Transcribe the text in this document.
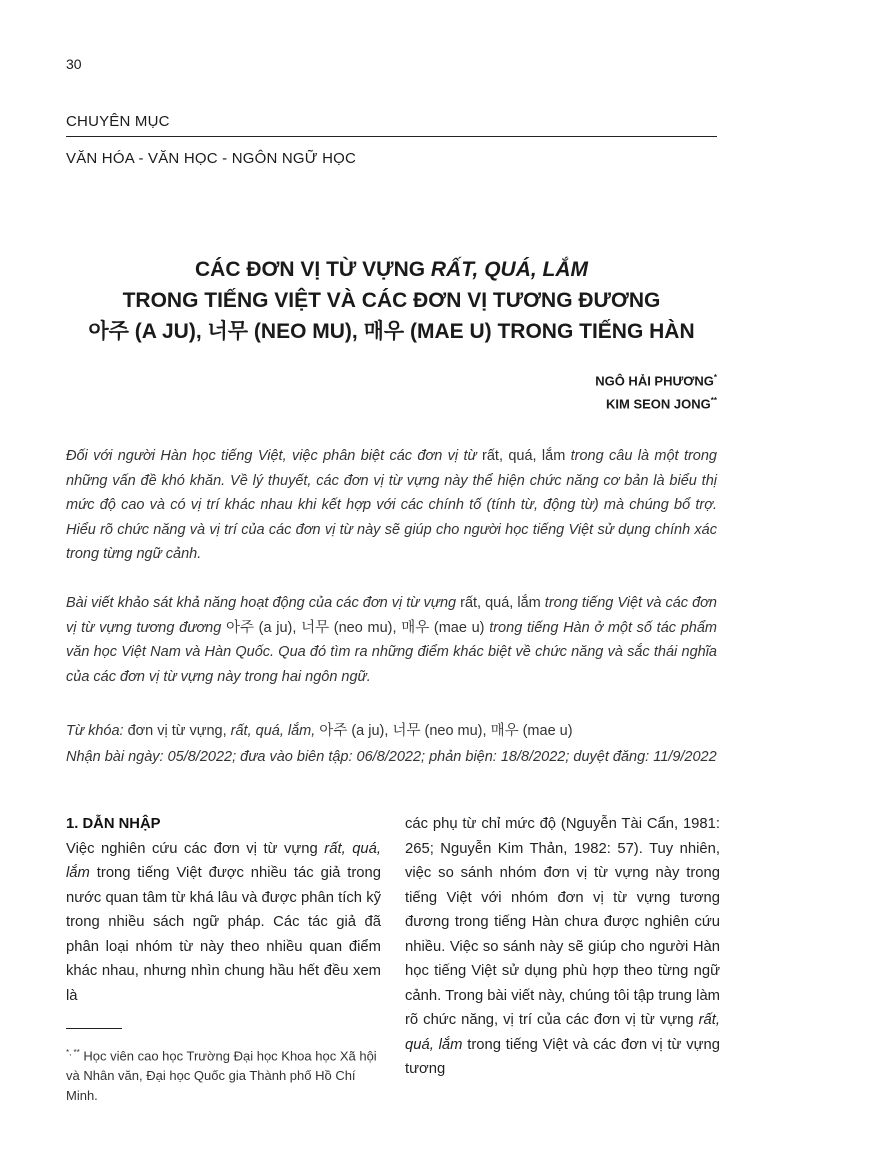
30
CHUYÊN MỤC
VĂN HÓA - VĂN HỌC - NGÔN NGỮ HỌC
CÁC ĐƠN VỊ TỪ VỰNG RẤT, QUÁ, LẮM
TRONG TIẾNG VIỆT VÀ CÁC ĐƠN VỊ TƯƠNG ĐƯƠNG
아주 (A JU), 너무 (NEO MU), 매우 (MAE U) TRONG TIẾNG HÀN
NGÔ HẢI PHƯƠNG*
KIM SEON JONG**
Đối với người Hàn học tiếng Việt, việc phân biệt các đơn vị từ rất, quá, lắm trong câu là một trong những vấn đề khó khăn. Về lý thuyết, các đơn vị từ vựng này thể hiện chức năng cơ bản là biểu thị mức độ cao và có vị trí khác nhau khi kết hợp với các chính tố (tính từ, động từ) mà chúng bổ trợ. Hiểu rõ chức năng và vị trí của các đơn vị từ này sẽ giúp cho người học tiếng Việt sử dụng chính xác trong từng ngữ cảnh.
Bài viết khảo sát khả năng hoạt động của các đơn vị từ vựng rất, quá, lắm trong tiếng Việt và các đơn vị từ vựng tương đương 아주 (a ju), 너무 (neo mu), 매우 (mae u) trong tiếng Hàn ở một số tác phẩm văn học Việt Nam và Hàn Quốc. Qua đó tìm ra những điểm khác biệt về chức năng và sắc thái nghĩa của các đơn vị từ vựng này trong hai ngôn ngữ.
Từ khóa: đơn vị từ vựng, rất, quá, lắm, 아주 (a ju), 너무 (neo mu), 매우 (mae u)
Nhận bài ngày: 05/8/2022; đưa vào biên tập: 06/8/2022; phản biện: 18/8/2022; duyệt đăng: 11/9/2022
1. DẪN NHẬP
Việc nghiên cứu các đơn vị từ vựng rất, quá, lắm trong tiếng Việt được nhiều tác giả trong nước quan tâm từ khá lâu và được phân tích kỹ trong nhiều sách ngữ pháp. Các tác giả đã phân loại nhóm từ này theo nhiều quan điểm khác nhau, nhưng nhìn chung hầu hết đều xem là
các phụ từ chỉ mức độ (Nguyễn Tài Cẩn, 1981: 265; Nguyễn Kim Thản, 1982: 57). Tuy nhiên, việc so sánh nhóm đơn vị từ vựng này trong tiếng Việt với nhóm đơn vị từ vựng tương đương trong tiếng Hàn chưa được nghiên cứu nhiều. Việc so sánh này sẽ giúp cho người Hàn học tiếng Việt sử dụng phù hợp theo từng ngữ cảnh. Trong bài viết này, chúng tôi tập trung làm rõ chức năng, vị trí của các đơn vị từ vựng rất, quá, lắm trong tiếng Việt và các đơn vị từ vựng tương
*, ** Học viên cao học Trường Đại học Khoa học Xã hội và Nhân văn, Đại học Quốc gia Thành phố Hồ Chí Minh.
